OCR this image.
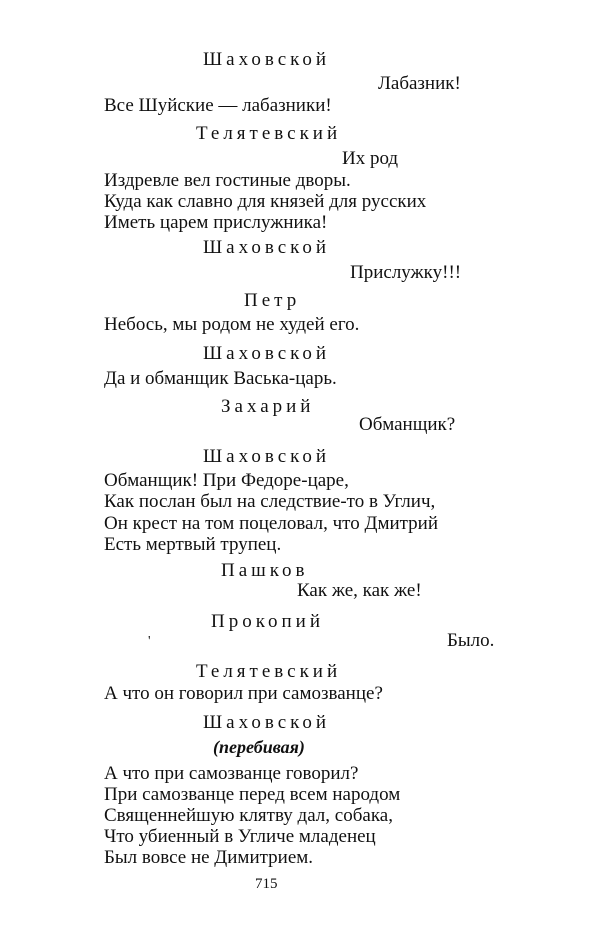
Шаховской
Лабазник!
Все Шуйские — лабазники!
Телятевский
Их род
Издревле вел гостиные дворы.
Куда как славно для князей для русских
Иметь царем прислужника!
Шаховской
Прислужку!!!
Петр
Небось, мы родом не худей его.
Шаховской
Да и обманщик Васька-царь.
Захарий
Обманщик?
Шаховской
Обманщик! При Федоре-царе,
Как послан был на следствие-то в Углич,
Он крест на том поцеловал, что Дмитрий
Есть мертвый трупец.
Пашков
Как же, как же!
Прокопий
'	Было.
Телятевский
А что он говорил при самозванце?
Шаховской
(перебивая)
А что при самозванце говорил?
При самозванце перед всем народом
Священнейшую клятву дал, собака,
Что убиенный в Угличе младенец
Был вовсе не Димитрием.
715
